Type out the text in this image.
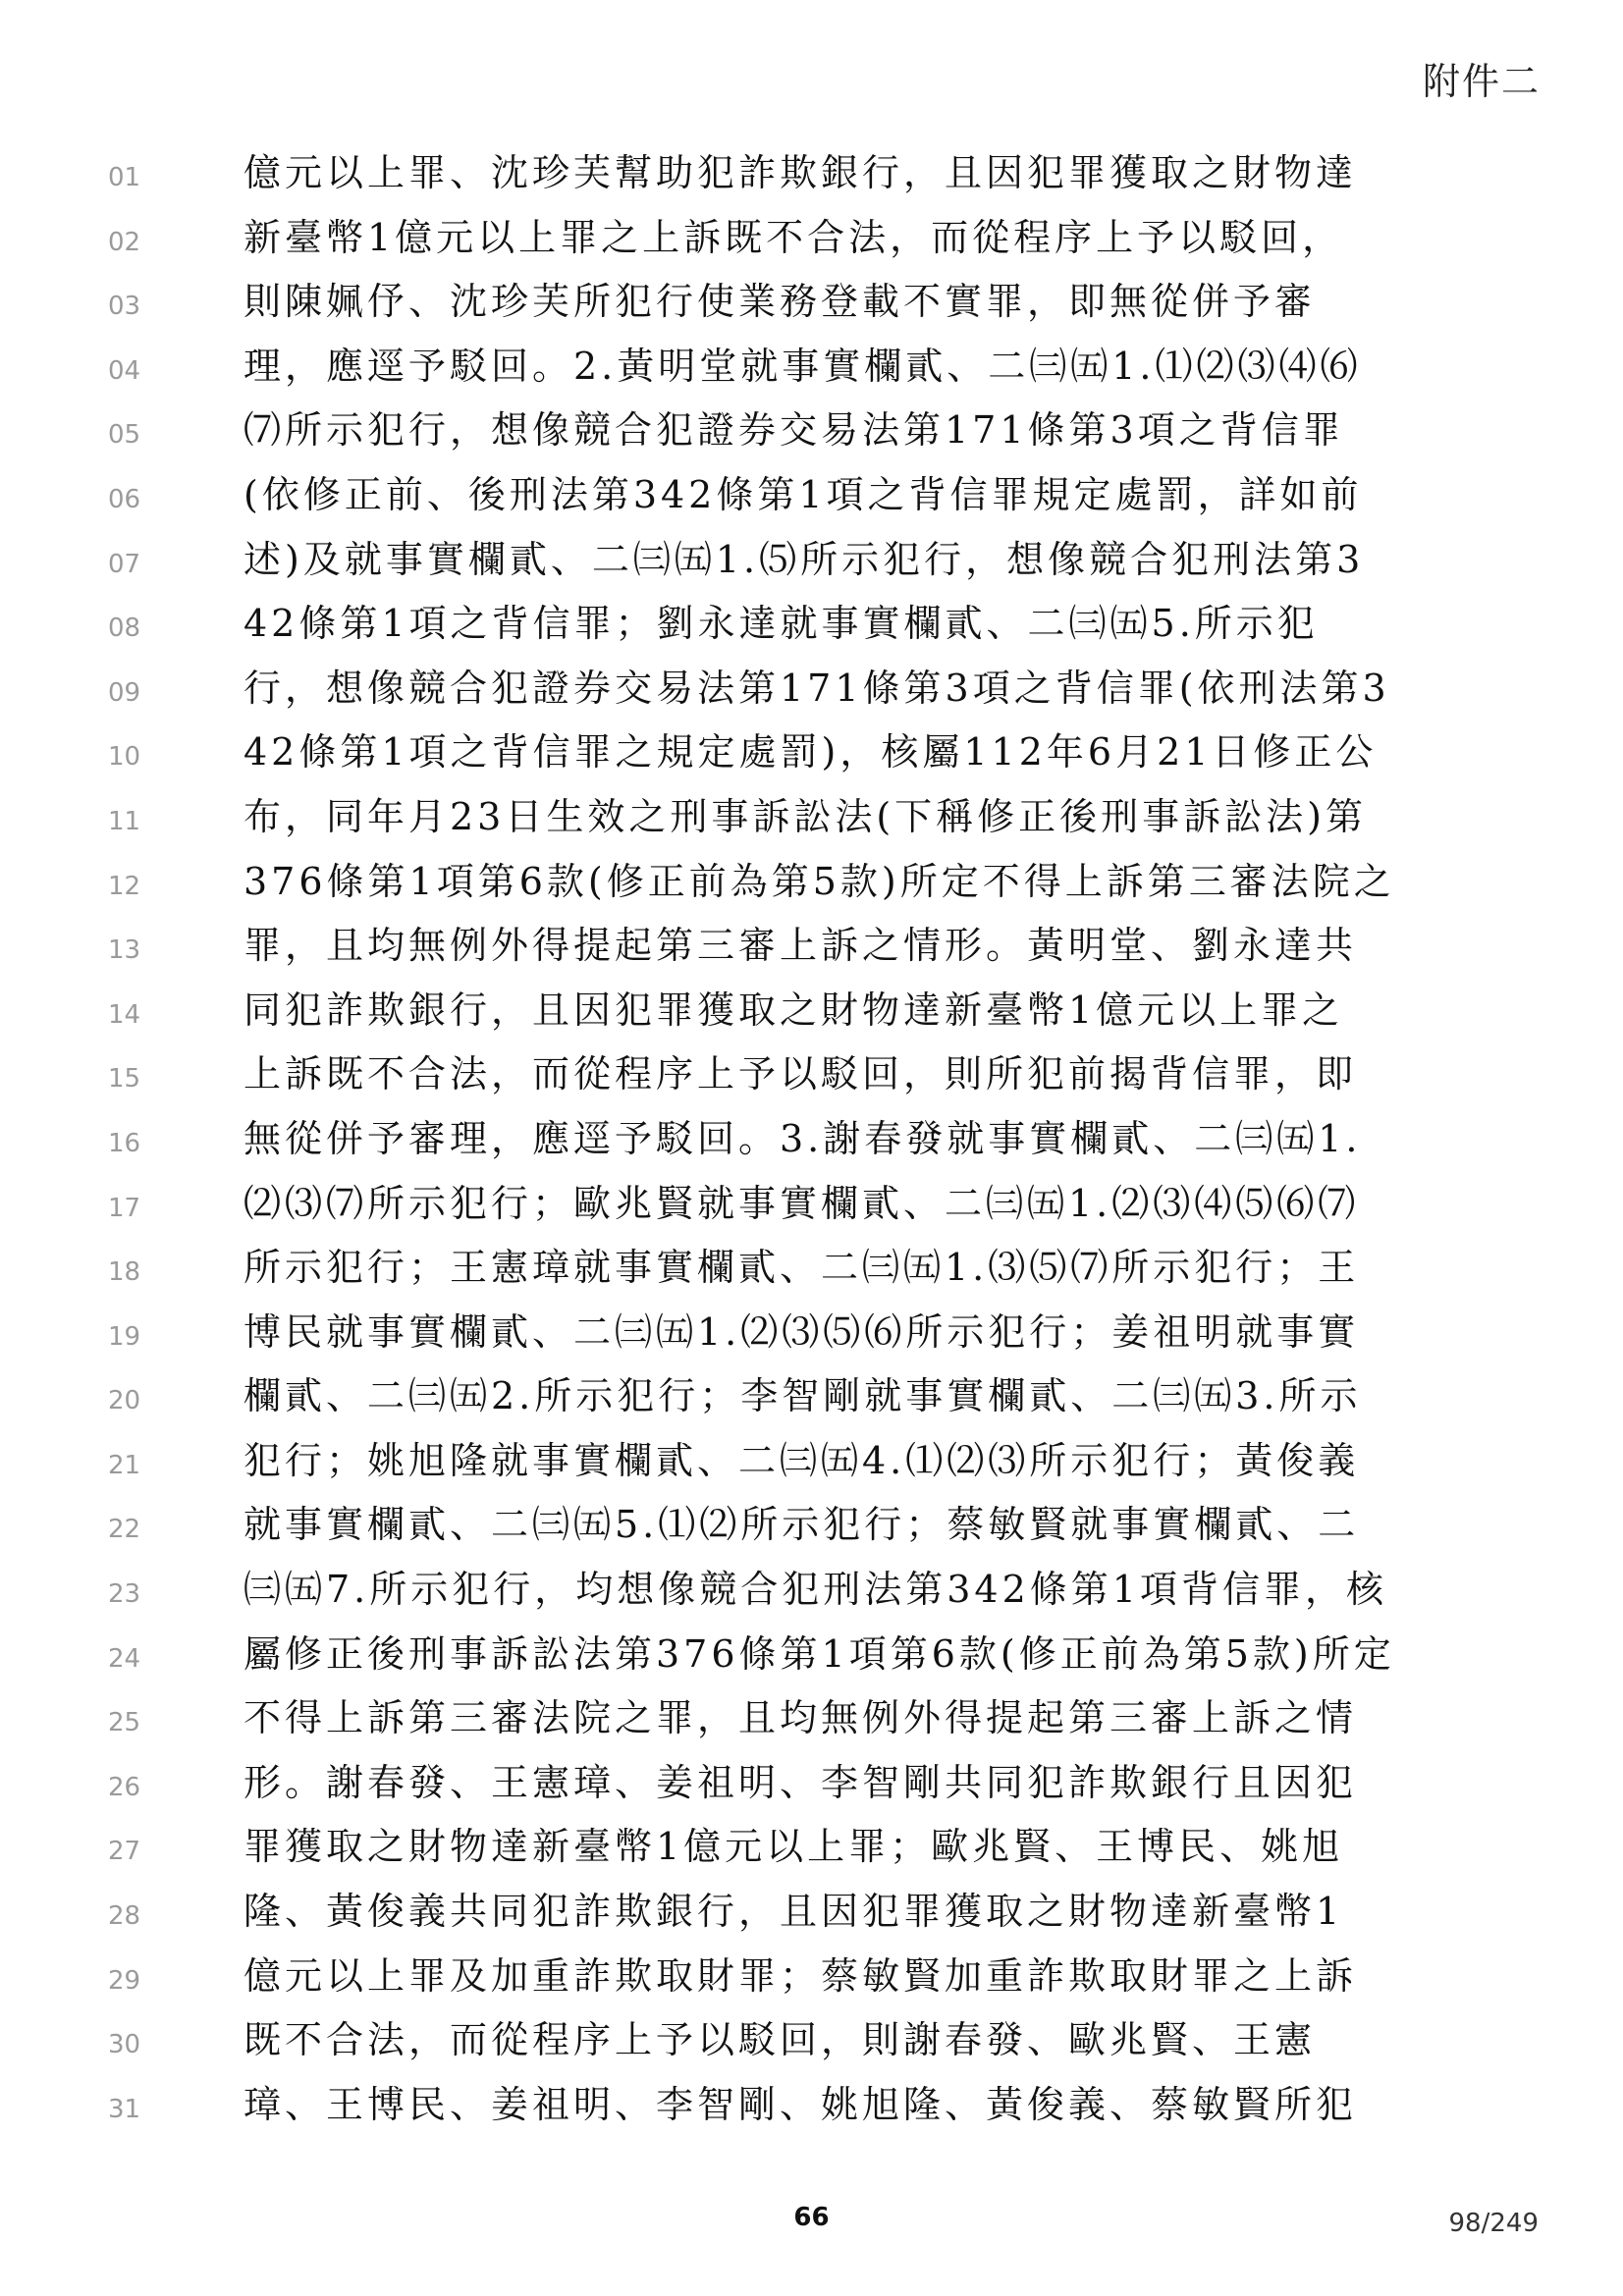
附件二
01	億元以上罪、沈珍芙幫助犯詐欺銀行，且因犯罪獲取之財物達
02	新臺幣1億元以上罪之上訴既不合法，而從程序上予以駁回，
03	則陳姵伃、沈珍芙所犯行使業務登載不實罪，即無從併予審
04	理，應逕予駁回。2.黃明堂就事實欄貳、二㈢㈤1.⑴⑵⑶⑷⑹
05	⑺所示犯行，想像競合犯證券交易法第171條第3項之背信罪
06	(依修正前、後刑法第342條第1項之背信罪規定處罰，詳如前
07	述)及就事實欄貳、二㈢㈤1.⑸所示犯行，想像競合犯刑法第3
08	42條第1項之背信罪；劉永達就事實欄貳、二㈢㈤5.所示犯
09	行，想像競合犯證券交易法第171條第3項之背信罪(依刑法第3
10	42條第1項之背信罪之規定處罰)，核屬112年6月21日修正公
11	布，同年月23日生效之刑事訴訟法(下稱修正後刑事訴訟法)第
12	376條第1項第6款(修正前為第5款)所定不得上訴第三審法院之
13	罪，且均無例外得提起第三審上訴之情形。黃明堂、劉永達共
14	同犯詐欺銀行，且因犯罪獲取之財物達新臺幣1億元以上罪之
15	上訴既不合法，而從程序上予以駁回，則所犯前揭背信罪，即
16	無從併予審理，應逕予駁回。3.謝春發就事實欄貳、二㈢㈤1.
17	⑵⑶⑺所示犯行；歐兆賢就事實欄貳、二㈢㈤1.⑵⑶⑷⑸⑹⑺
18	所示犯行；王憲璋就事實欄貳、二㈢㈤1.⑶⑸⑺所示犯行；王
19	博民就事實欄貳、二㈢㈤1.⑵⑶⑸⑹所示犯行；姜祖明就事實
20	欄貳、二㈢㈤2.所示犯行；李智剛就事實欄貳、二㈢㈤3.所示
21	犯行；姚旭隆就事實欄貳、二㈢㈤4.⑴⑵⑶所示犯行；黃俊義
22	就事實欄貳、二㈢㈤5.⑴⑵所示犯行；蔡敏賢就事實欄貳、二
23	㈢㈤7.所示犯行，均想像競合犯刑法第342條第1項背信罪，核
24	屬修正後刑事訴訟法第376條第1項第6款(修正前為第5款)所定
25	不得上訴第三審法院之罪，且均無例外得提起第三審上訴之情
26	形。謝春發、王憲璋、姜祖明、李智剛共同犯詐欺銀行且因犯
27	罪獲取之財物達新臺幣1億元以上罪；歐兆賢、王博民、姚旭
28	隆、黃俊義共同犯詐欺銀行，且因犯罪獲取之財物達新臺幣1
29	億元以上罪及加重詐欺取財罪；蔡敏賢加重詐欺取財罪之上訴
30	既不合法，而從程序上予以駁回，則謝春發、歐兆賢、王憲
31	璋、王博民、姜祖明、李智剛、姚旭隆、黃俊義、蔡敏賢所犯
66	98/249
